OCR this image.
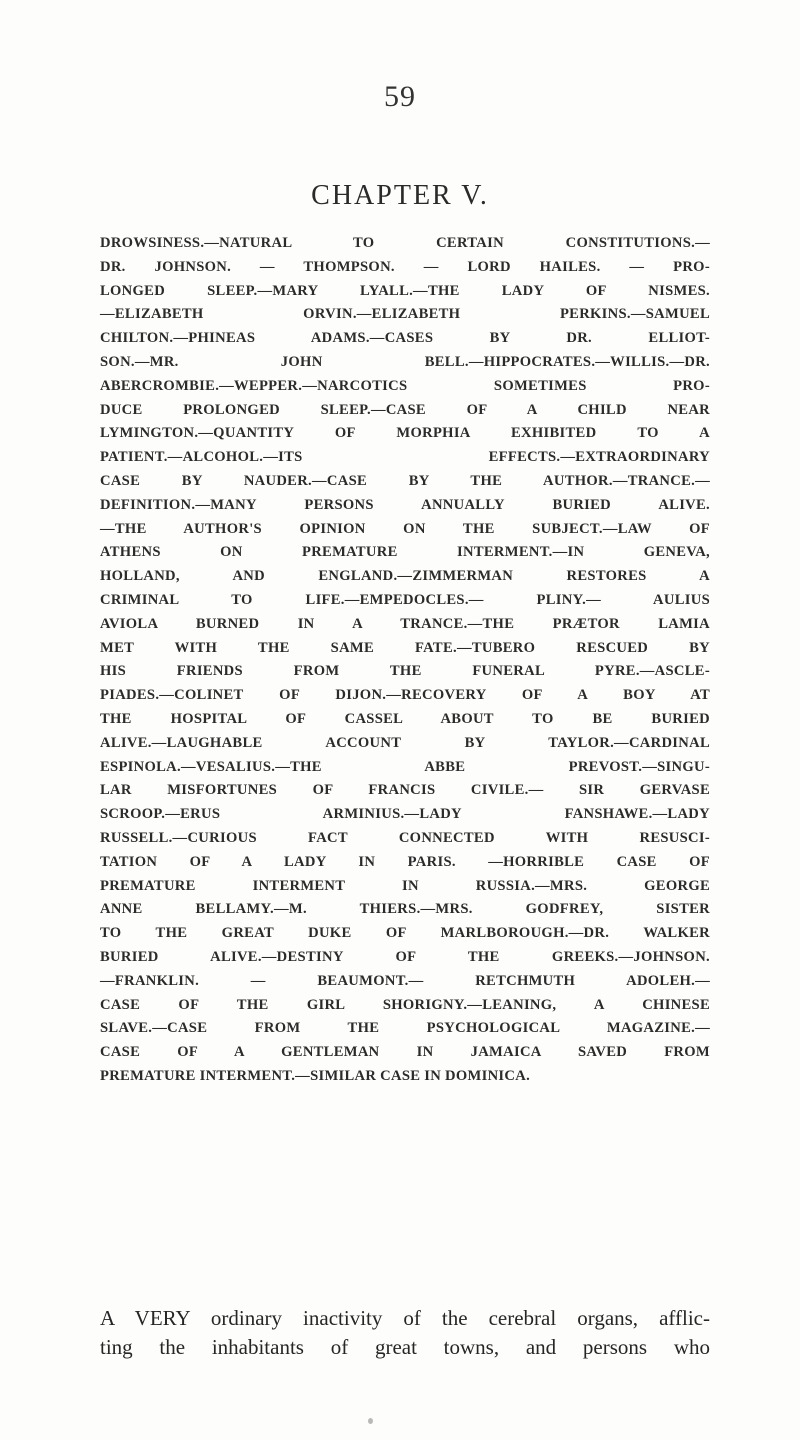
59
CHAPTER V.
DROWSINESS.—NATURAL TO CERTAIN CONSTITUTIONS.—
DR. JOHNSON. — THOMPSON. — LORD HAILES. — PRO-
LONGED SLEEP.—MARY LYALL.—THE LADY OF NISMES.
—ELIZABETH ORVIN.—ELIZABETH PERKINS.—SAMUEL
CHILTON.—PHINEAS ADAMS.—CASES BY DR. ELLIOT-
SON.—MR. JOHN BELL.—HIPPOCRATES.—WILLIS.—DR.
ABERCROMBIE.—WEPPER.—NARCOTICS SOMETIMES PRO-
DUCE PROLONGED SLEEP.—CASE OF A CHILD NEAR
LYMINGTON.—QUANTITY OF MORPHIA EXHIBITED TO A
PATIENT.—ALCOHOL.—ITS EFFECTS.—EXTRAORDINARY
CASE BY NAUDER.—CASE BY THE AUTHOR.—TRANCE.—
DEFINITION.—MANY PERSONS ANNUALLY BURIED ALIVE.
—THE AUTHOR'S OPINION ON THE SUBJECT.—LAW OF
ATHENS ON PREMATURE INTERMENT.—IN GENEVA,
HOLLAND, AND ENGLAND.—ZIMMERMAN RESTORES A
CRIMINAL TO LIFE.—EMPEDOCLES.— PLINY.— AULIUS
AVIOLA BURNED IN A TRANCE.—THE PRÆTOR LAMIA
MET WITH THE SAME FATE.—TUBERO RESCUED BY
HIS FRIENDS FROM THE FUNERAL PYRE.—ASCLE-
PIADES.—COLINET OF DIJON.—RECOVERY OF A BOY AT
THE HOSPITAL OF CASSEL ABOUT TO BE BURIED
ALIVE.—LAUGHABLE ACCOUNT BY TAYLOR.—CARDINAL
ESPINOLA.—VESALIUS.—THE ABBE PREVOST.—SINGU-
LAR MISFORTUNES OF FRANCIS CIVILE.— SIR GERVASE
SCROOP.—ERUS ARMINIUS.—LADY FANSHAWE.—LADY
RUSSELL.—CURIOUS FACT CONNECTED WITH RESUSCI-
TATION OF A LADY IN PARIS. —HORRIBLE CASE OF
PREMATURE INTERMENT IN RUSSIA.—MRS. GEORGE
ANNE BELLAMY.—M. THIERS.—MRS. GODFREY, SISTER
TO THE GREAT DUKE OF MARLBOROUGH.—DR. WALKER
BURIED ALIVE.—DESTINY OF THE GREEKS.—JOHNSON.
—FRANKLIN. — BEAUMONT.— RETCHMUTH ADOLEH.—
CASE OF THE GIRL SHORIGNY.—LEANING, A CHINESE
SLAVE.—CASE FROM THE PSYCHOLOGICAL MAGAZINE.—
CASE OF A GENTLEMAN IN JAMAICA SAVED FROM
PREMATURE INTERMENT.—SIMILAR CASE IN DOMINICA.
A VERY ordinary inactivity of the cerebral organs, afflic-
ting the inhabitants of great towns, and persons who
